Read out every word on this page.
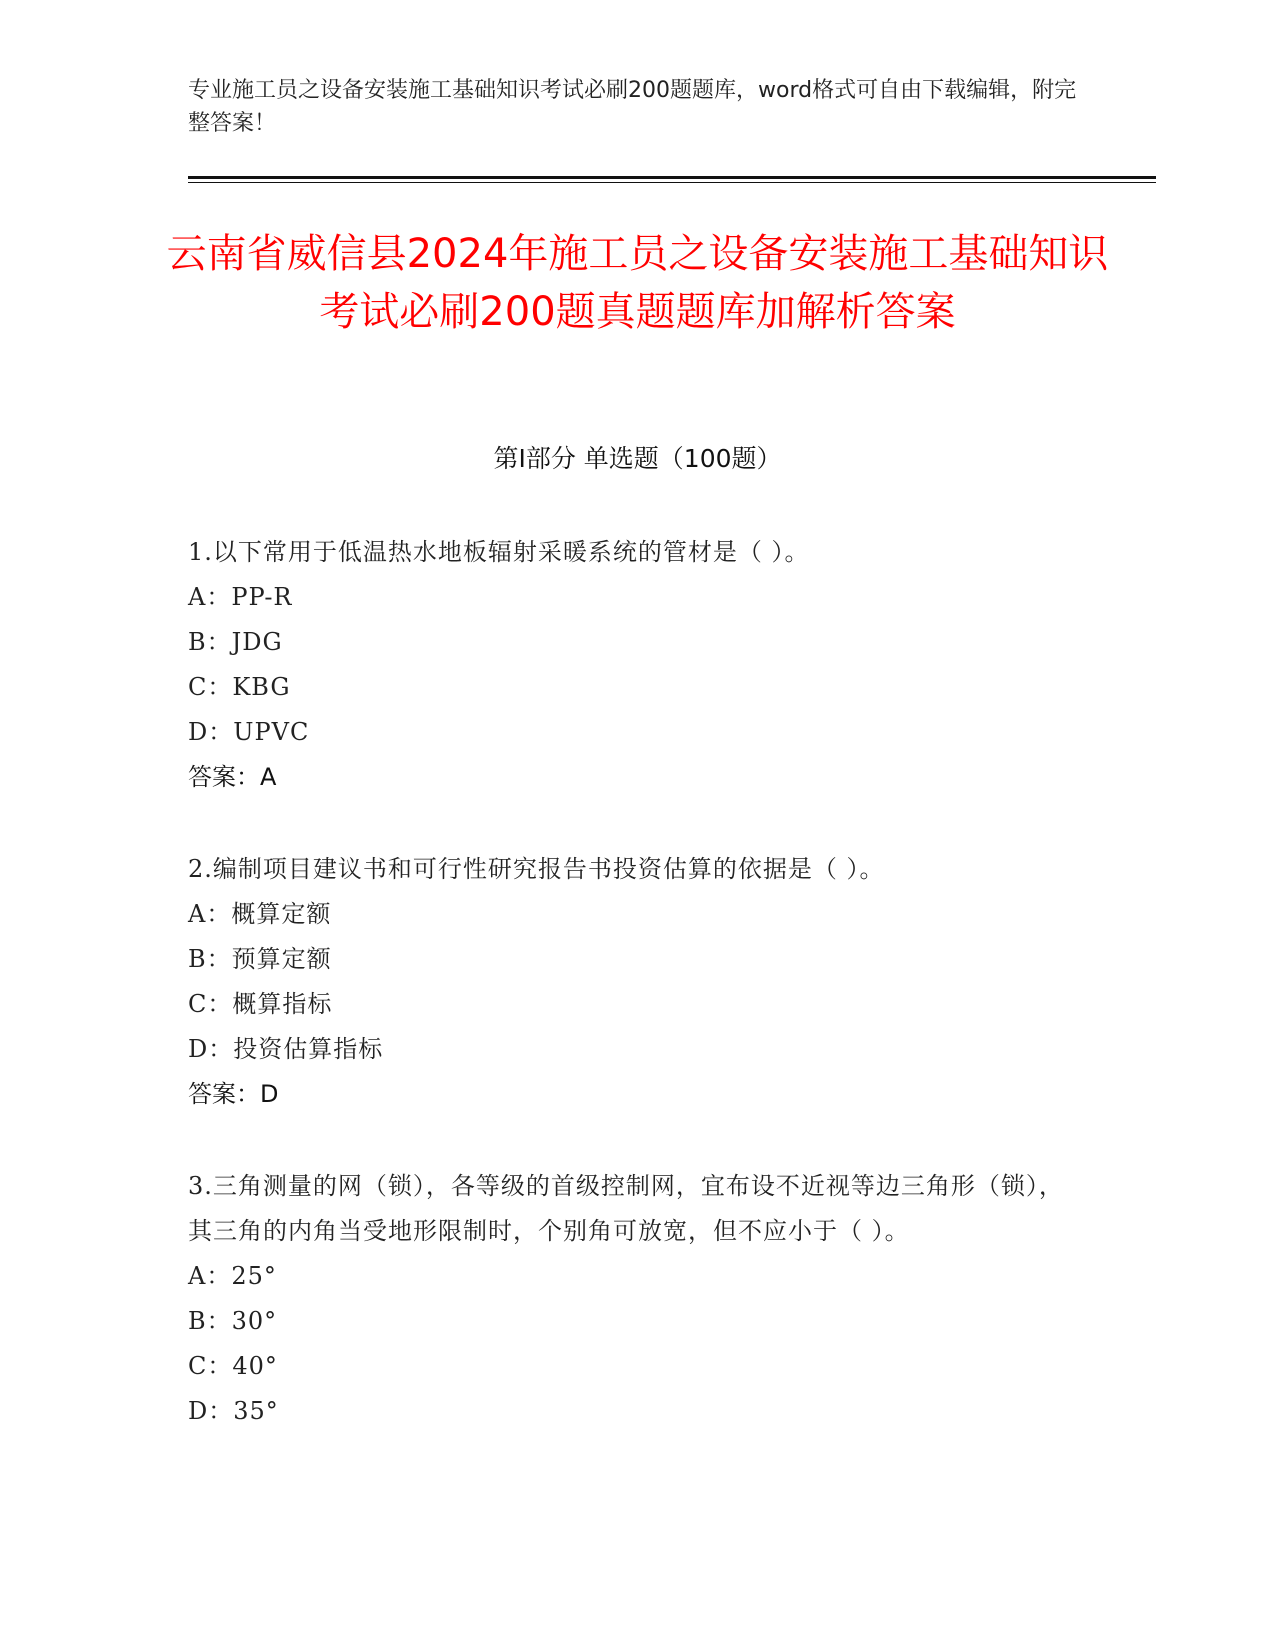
专业施工员之设备安装施工基础知识考试必刷200题题库，word格式可自由下载编辑，附完整答案！
云南省威信县2024年施工员之设备安装施工基础知识考试必刷200题真题题库加解析答案
第I部分 单选题（100题）
1.以下常用于低温热水地板辐射采暖系统的管材是（ ）。
A：PP-R
B：JDG
C：KBG
D：UPVC
答案：A
2.编制项目建议书和可行性研究报告书投资估算的依据是（ ）。
A：概算定额
B：预算定额
C：概算指标
D：投资估算指标
答案：D
3.三角测量的网（锁），各等级的首级控制网，宜布设不近视等边三角形（锁），其三角的内角当受地形限制时，个别角可放宽，但不应小于（ ）。
A：25°
B：30°
C：40°
D：35°
